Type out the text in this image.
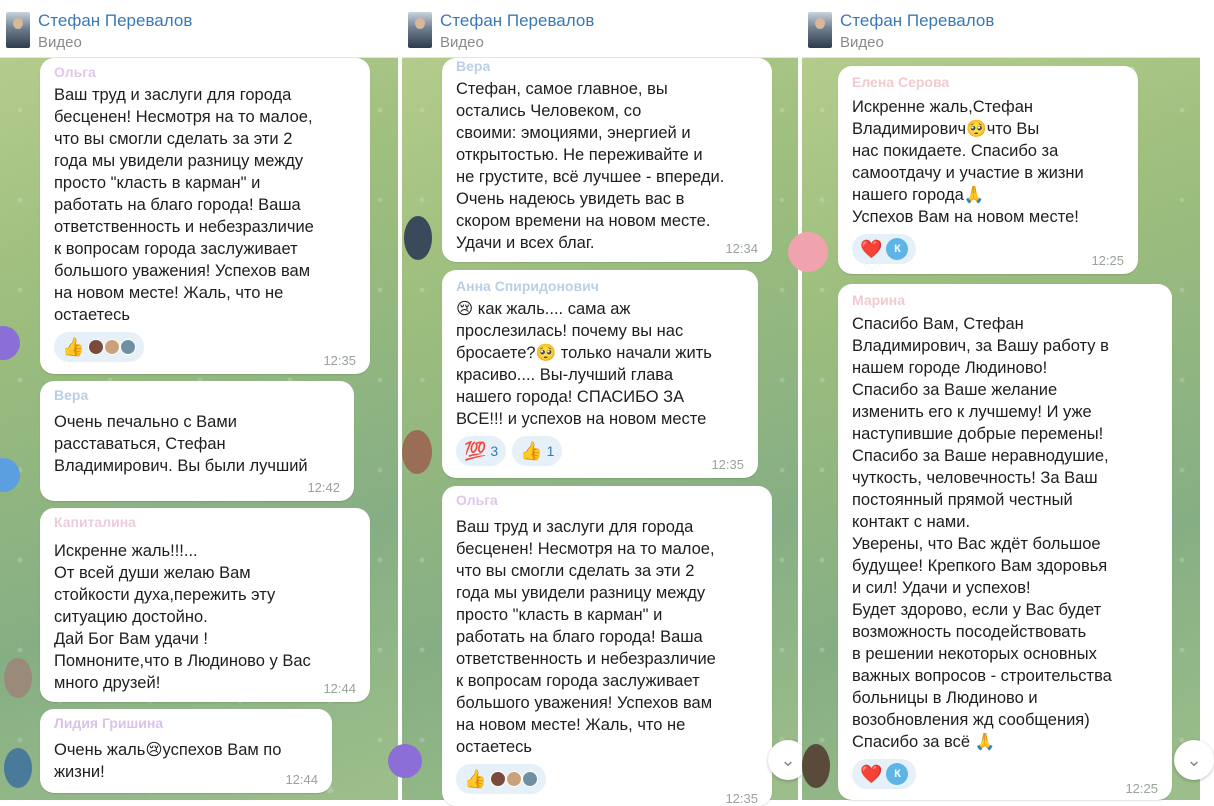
Стефан Перевалов
Видео
Ольга
Ваш труд и заслуги для города
бесценен! Несмотря на то малое,
что вы смогли сделать за эти 2
года мы увидели разницу между
просто "класть в карман" и
работать на благо города! Ваша
ответственность и небезразличие
к вопросам города заслуживает
большого уважения! Успехов вам
на новом месте! Жаль, что не
остаетесь
👍
12:35
Вера
Очень печально с Вами
расставаться, Стефан
Владимирович. Вы были лучший
12:42
Капиталина
Искренне жаль!!!...
От всей души желаю Вам
стойкости духа,пережить эту
ситуацию достойно.
Дай Бог Вам удачи !
Помноните,что в Людиново у Вас
много друзей!	12:44
Лидия Гришина
Очень жаль😢успехов Вам по
жизни!	12:44
Стефан Перевалов
Видео
Вера
Стефан, самое главное, вы
остались Человеком, со
своими: эмоциями, энергией и
открытостью. Не переживайте и
не грустите, всё лучшее - впереди.
Очень надеюсь увидеть вас в
скором времени на новом месте.
Удачи и всех благ.	12:34
Анна Спиридонович
😢 как жаль.... сама аж
прослезилась! почему вы нас
бросаете?🥺 только начали жить
красиво.... Вы-лучший глава
нашего города! СПАСИБО ЗА
ВСЕ!!! и успехов на новом месте
💯 3 👍 1
12:35
Ольга
Ваш труд и заслуги для города
бесценен! Несмотря на то малое,
что вы смогли сделать за эти 2
года мы увидели разницу между
просто "класть в карман" и
работать на благо города! Ваша
ответственность и небезразличие
к вопросам города заслуживает
большого уважения! Успехов вам
на новом месте! Жаль, что не
остаетесь
👍
12:35
⌄
Стефан Перевалов
Видео
Елена Серова
Искренне жаль,Стефан
Владимирович🥺что Вы
нас покидаете. Спасибо за
самоотдачу и участие в жизни
нашего города🙏
Успехов Вам на новом месте!
❤️	К
12:25
Марина
Спасибо Вам, Стефан
Владимирович, за Вашу работу в
нашем городе Людиново!
Спасибо за Ваше желание
изменить его к лучшему! И уже
наступившие добрые перемены!
Спасибо за Ваше неравнодушие,
чуткость, человечность! За Ваш
постоянный прямой честный
контакт с нами.
Уверены, что Вас ждёт большое
будущее! Крепкого Вам здоровья
и сил! Удачи и успехов!
Будет здорово, если у Вас будет
возможность посодействовать
в решении некоторых основных
важных вопросов - строительства
больницы в Людиново и
возобновления жд сообщения)
Спасибо за всё 🙏
❤️	К
12:25
⌄
